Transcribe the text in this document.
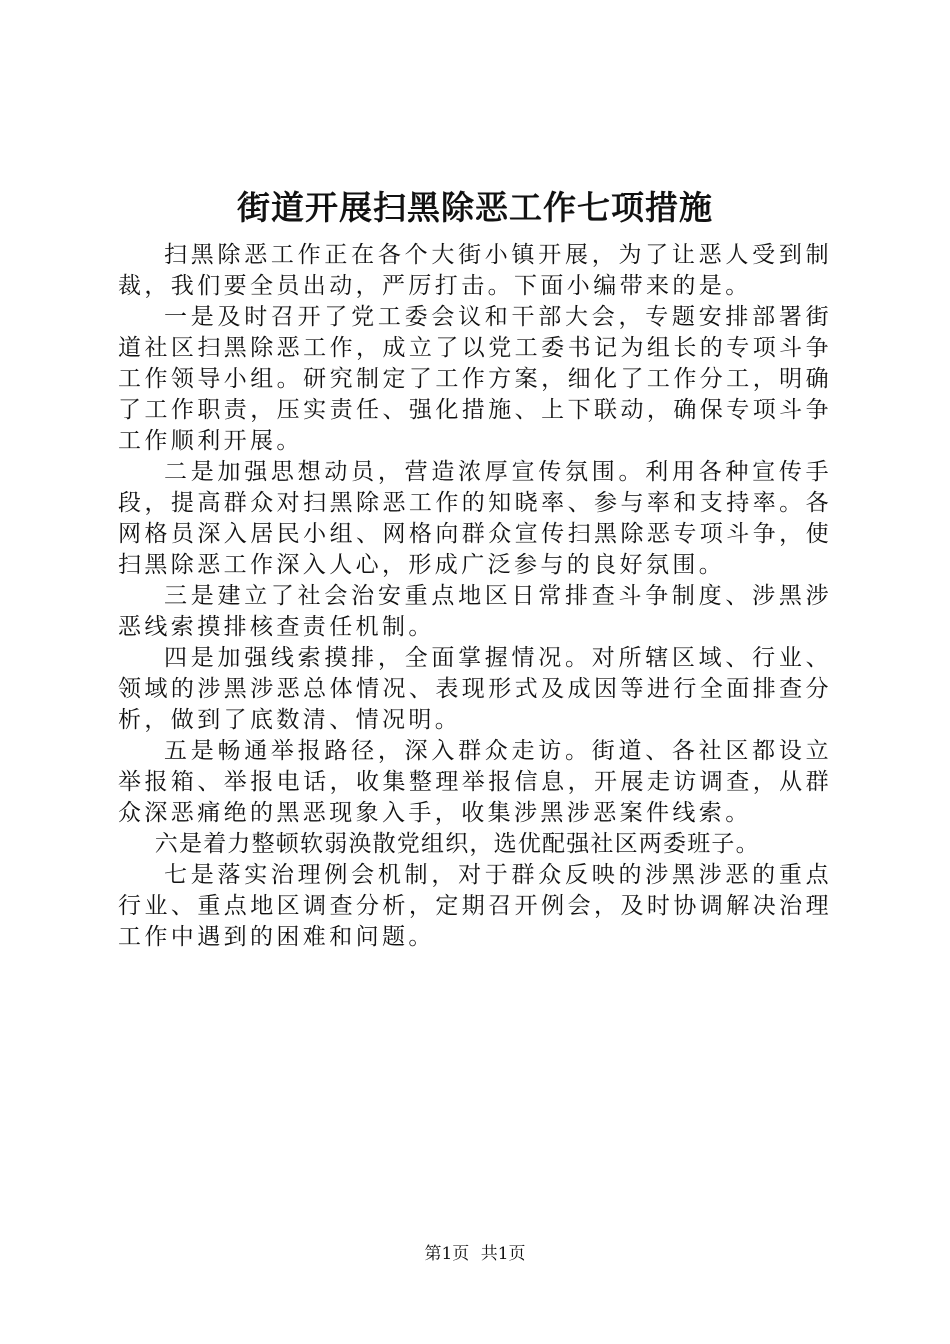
街道开展扫黑除恶工作七项措施

扫黑除恶工作正在各个大街小镇开展，为了让恶人受到制裁，我们要全员出动，严厉打击。下面小编带来的是。

一是及时召开了党工委会议和干部大会，专题安排部署街道社区扫黑除恶工作，成立了以党工委书记为组长的专项斗争工作领导小组。研究制定了工作方案，细化了工作分工，明确了工作职责，压实责任、强化措施、上下联动，确保专项斗争工作顺利开展。

二是加强思想动员，营造浓厚宣传氛围。利用各种宣传手段，提高群众对扫黑除恶工作的知晓率、参与率和支持率。各网格员深入居民小组、网格向群众宣传扫黑除恶专项斗争，使扫黑除恶工作深入人心，形成广泛参与的良好氛围。

三是建立了社会治安重点地区日常排查斗争制度、涉黑涉恶线索摸排核查责任机制。

四是加强线索摸排，全面掌握情况。对所辖区域、行业、领域的涉黑涉恶总体情况、表现形式及成因等进行全面排查分析，做到了底数清、情况明。

五是畅通举报路径，深入群众走访。街道、各社区都设立举报箱、举报电话，收集整理举报信息，开展走访调查，从群众深恶痛绝的黑恶现象入手，收集涉黑涉恶案件线索。

六是着力整顿软弱涣散党组织，选优配强社区两委班子。

七是落实治理例会机制，对于群众反映的涉黑涉恶的重点行业、重点地区调查分析，定期召开例会，及时协调解决治理工作中遇到的困难和问题。

第1页 共1页
